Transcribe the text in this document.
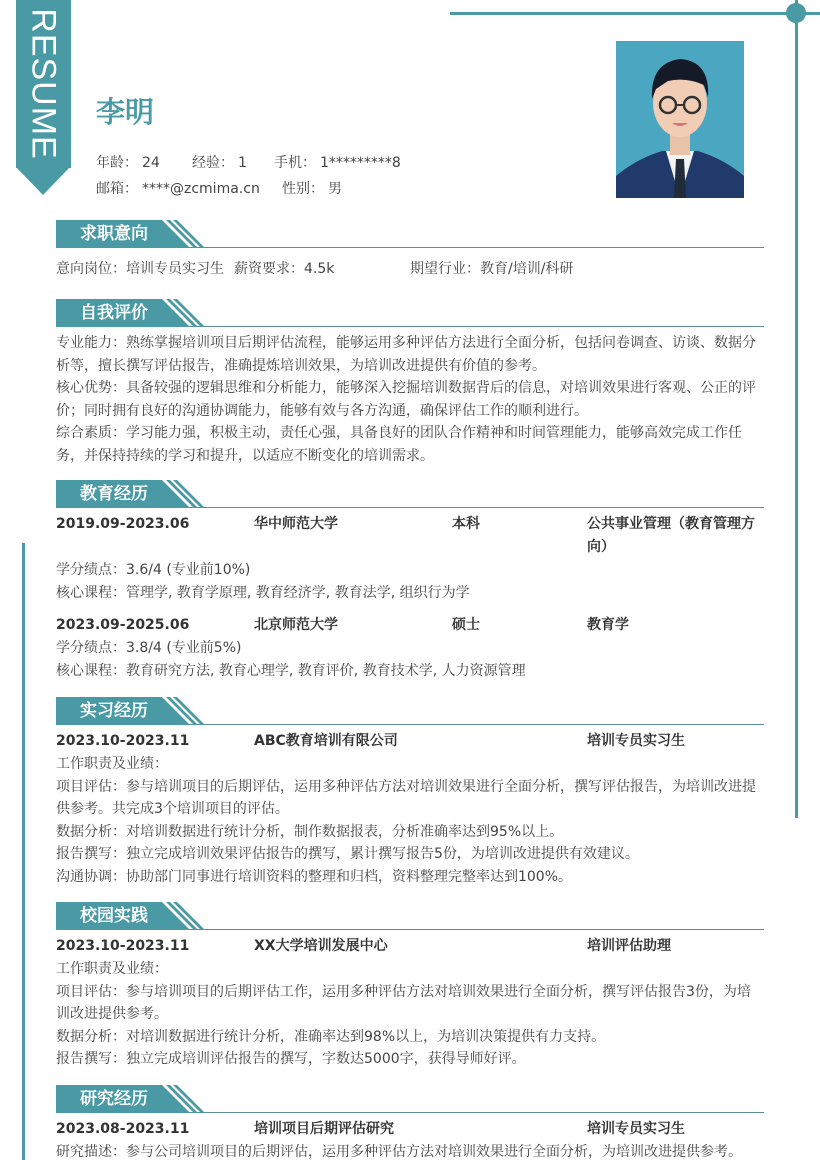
RESUME 李明
年龄： 24 经验： 1 手机： 1*********8
邮箱： ****@zcmima.cn 性别： 男
求职意向
意向岗位：培训专员实习生 薪资要求：4.5k	期望行业：教育/培训/科研
自我评价

专业能力：熟练掌握培训项目后期评估流程，能够运用多种评估方法进行全面分析，包括问卷调查、访谈、数据分析等，擅长撰写评估报告，准确提炼培训效果，为培训改进提供有价值的参考。

核心优势：具备较强的逻辑思维和分析能力，能够深入挖掘培训数据背后的信息，对培训效果进行客观、公正的评价；同时拥有良好的沟通协调能力，能够有效与各方沟通，确保评估工作的顺利进行。

综合素质：学习能力强，积极主动，责任心强，具备良好的团队合作精神和时间管理能力，能够高效完成工作任务，并保持持续的学习和提升，以适应不断变化的培训需求。

教育经历
2019.09-2023.06	华中师范大学	本科	公共事业管理（教育管理方向）
学分绩点：3.6/4 (专业前10%)
核心课程：管理学, 教育学原理, 教育经济学, 教育法学, 组织行为学
2023.09-2025.06	北京师范大学	硕士	教育学
学分绩点：3.8/4 (专业前5%)
核心课程：教育研究方法, 教育心理学, 教育评价, 教育技术学, 人力资源管理
实习经历
2023.10-2023.11	ABC教育培训有限公司	培训专员实习生

工作职责及业绩：

项目评估：参与培训项目的后期评估，运用多种评估方法对培训效果进行全面分析，撰写评估报告，为培训改进提供参考。共完成3个培训项目的评估。

数据分析：对培训数据进行统计分析，制作数据报表，分析准确率达到95%以上。

报告撰写：独立完成培训效果评估报告的撰写，累计撰写报告5份，为培训改进提供有效建议。

沟通协调：协助部门同事进行培训资料的整理和归档，资料整理完整率达到100%。

校园实践
2023.10-2023.11	XX大学培训发展中心	培训评估助理

工作职责及业绩：

项目评估：参与培训项目的后期评估工作，运用多种评估方法对培训效果进行全面分析，撰写评估报告3份，为培训改进提供参考。

数据分析：对培训数据进行统计分析，准确率达到98%以上，为培训决策提供有力支持。

报告撰写：独立完成培训评估报告的撰写，字数达5000字，获得导师好评。

研究经历
2023.08-2023.11	培训项目后期评估研究	培训专员实习生

研究描述：参与公司培训项目的后期评估，运用多种评估方法对培训效果进行全面分析，为培训改进提供参考。
